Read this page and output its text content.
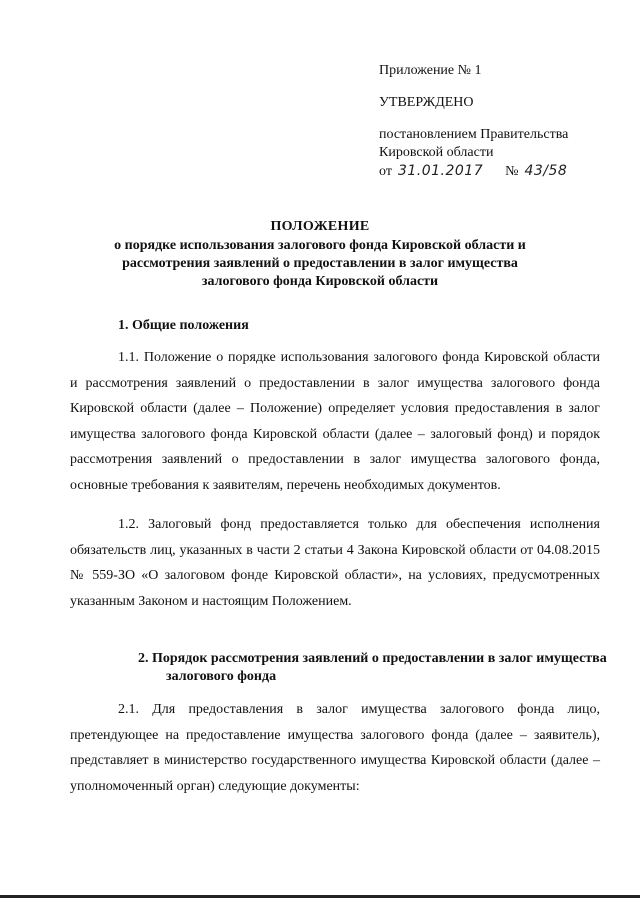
Приложение № 1
УТВЕРЖДЕНО
постановлением Правительства
Кировской области
от 31.01.2017 № 43/58
ПОЛОЖЕНИЕ
о порядке использования залогового фонда Кировской области и
рассмотрения заявлений о предоставлении в залог имущества
залогового фонда Кировской области
1. Общие положения

1.1. Положение о порядке использования залогового фонда Кировской области и рассмотрения заявлений о предоставлении в залог имущества залогового фонда Кировской области (далее – Положение) определяет условия предоставления в залог имущества залогового фонда Кировской области (далее – залоговый фонд) и порядок рассмотрения заявлений о предоставлении в залог имущества залогового фонда, основные требования к заявителям, перечень необходимых документов.

1.2. Залоговый фонд предоставляется только для обеспечения исполнения обязательств лиц, указанных в части 2 статьи 4 Закона Кировской области от 04.08.2015 № 559-ЗО «О залоговом фонде Кировской области», на условиях, предусмотренных указанным Законом и настоящим Положением.

2. Порядок рассмотрения заявлений о предоставлении в залог имущества залогового фонда

2.1. Для предоставления в залог имущества залогового фонда лицо, претендующее на предоставление имущества залогового фонда (далее – заявитель), представляет в министерство государственного имущества Кировской области (далее – уполномоченный орган) следующие документы:
